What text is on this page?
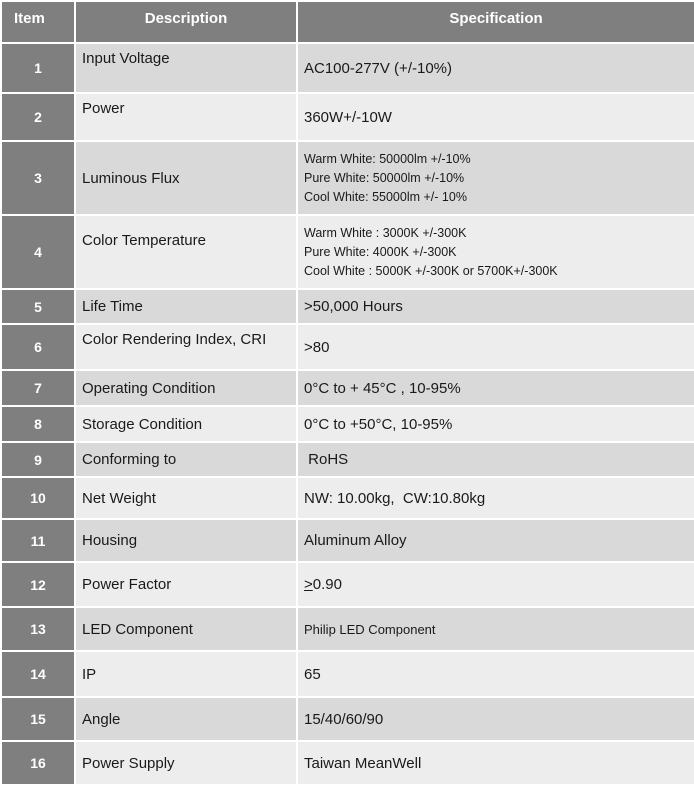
Item	Description	Specification
1	Input Voltage	AC100-277V (+/-10%)
2	Power	360W+/-10W
3	Luminous Flux	Warm White: 50000lm +/-10%
Pure White: 50000lm +/-10%
Cool White: 55000lm +/- 10%

4	Color Temperature	Warm White : 3000K +/-300K
Pure White: 4000K +/-300K
Cool White : 5000K +/-300K or 5700K+/-300K

5	Life Time	>50,000 Hours
6	Color Rendering Index, CRI	>80
7	Operating Condition	0°C to + 45°C , 10-95%
8	Storage Condition	0°C to +50°C, 10-95%
9	Conforming to	RoHS
10	Net Weight	NW: 10.00kg,  CW:10.80kg
11	Housing	Aluminum Alloy
12	Power Factor	≥0.90
13	LED Component	Philip LED Component
14	IP	65
15	Angle	15/40/60/90
16	Power Supply	Taiwan MeanWell
